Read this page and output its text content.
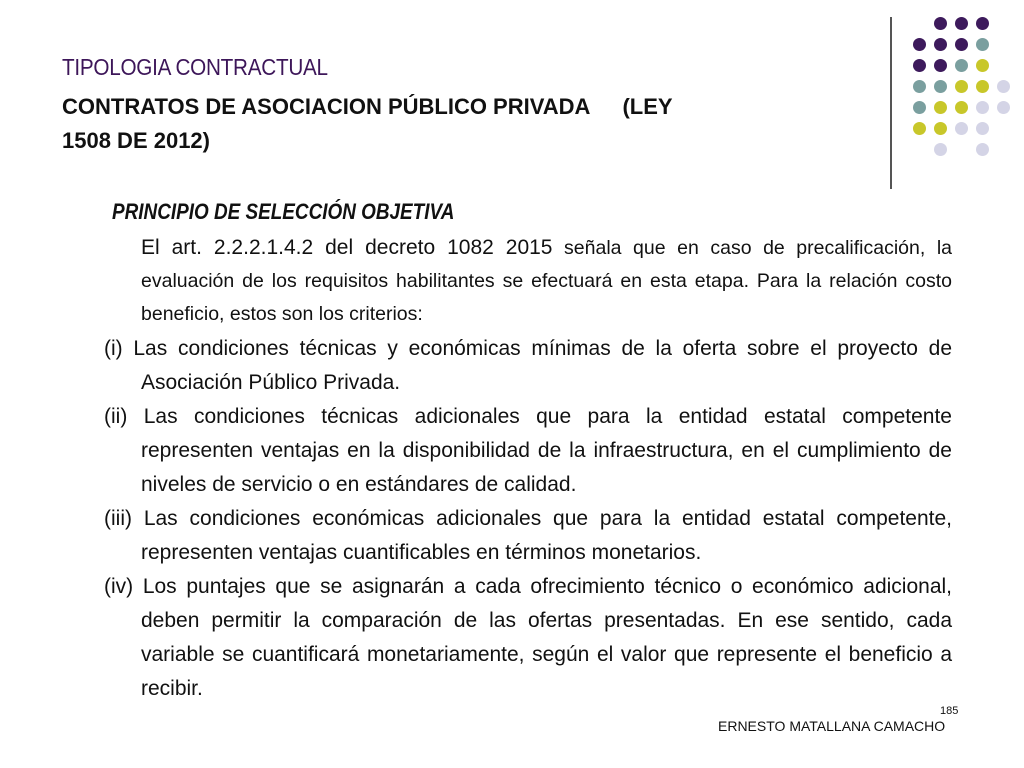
TIPOLOGIA CONTRACTUAL
CONTRATOS DE ASOCIACION PÚBLICO PRIVADA (LEY
1508 DE 2012)
PRINCIPIO DE SELECCIÓN OBJETIVA

El art. 2.2.2.1.4.2 del decreto 1082 2015 señala que en caso de precalificación, la evaluación de los requisitos habilitantes se efectuará en esta etapa. Para la relación costo beneficio, estos son los criterios:

(i) Las condiciones técnicas y económicas mínimas de la oferta sobre el proyecto de Asociación Público Privada.

(ii) Las condiciones técnicas adicionales que para la entidad estatal competente representen ventajas en la disponibilidad de la infraestructura, en el cumplimiento de niveles de servicio o en estándares de calidad.

(iii) Las condiciones económicas adicionales que para la entidad estatal competente, representen ventajas cuantificables en términos monetarios.

(iv) Los puntajes que se asignarán a cada ofrecimiento técnico o económico adicional, deben permitir la comparación de las ofertas presentadas. En ese sentido, cada variable se cuantificará monetariamente, según el valor que represente el beneficio a recibir.

ERNESTO MATALLANA CAMACHO
185
